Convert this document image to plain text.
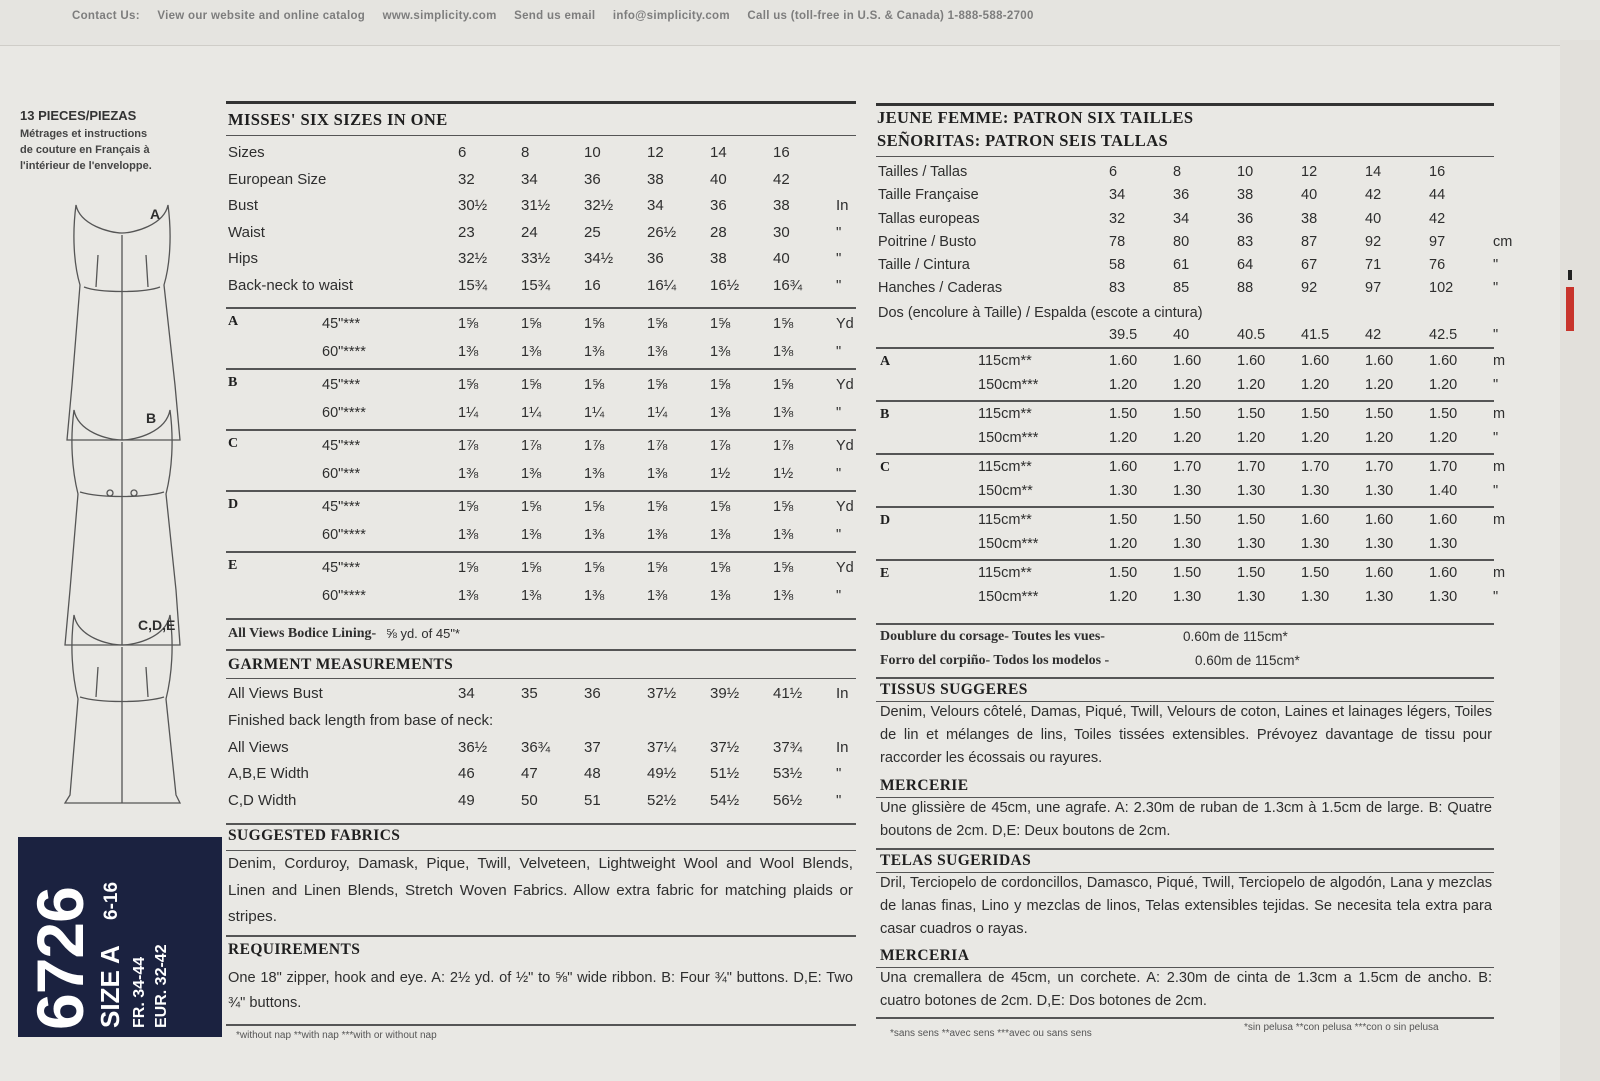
Contact Us: View our website and online catalog www.simplicity.com Send us email info@simplicity.com Call us (toll-free in U.S. & Canada) 1-888-588-2700
13 PIECES/PIEZAS
Métrages et instructions
de couture en Français à
l'intérieur de l'enveloppe.
A
B
C,D,E
6726
SIZE A
6-16
FR. 34-44 EUR. 32-42
MISSES' SIX SIZES IN ONE
Sizes	6	8	10	12	14	16
European Size	32	34	36	38	40	42
Bust	30½	31½	32½	34	36	38	In
Waist	23	24	25	26½	28	30	"
Hips	32½	33½	34½	36	38	40	"
Back-neck to waist	15¾	15¾	16	16¼	16½	16¾	"
A	45"***	1⅝	1⅝	1⅝	1⅝	1⅝	1⅝	Yd
60"****	1⅜	1⅜	1⅜	1⅜	1⅜	1⅜	"
B	45"***	1⅝	1⅝	1⅝	1⅝	1⅝	1⅝	Yd
60"****	1¼	1¼	1¼	1¼	1⅜	1⅜	"
C	45"***	1⅞	1⅞	1⅞	1⅞	1⅞	1⅞	Yd
60"***	1⅜	1⅜	1⅜	1⅜	1½	1½	"
D	45"***	1⅝	1⅝	1⅝	1⅝	1⅝	1⅝	Yd
60"****	1⅜	1⅜	1⅜	1⅜	1⅜	1⅜	"
E	45"***	1⅝	1⅝	1⅝	1⅝	1⅝	1⅝	Yd
60"****	1⅜	1⅜	1⅜	1⅜	1⅜	1⅜	"
All Views Bodice Lining- ⅝ yd. of 45"*
GARMENT MEASUREMENTS
All Views Bust	34	35	36	37½	39½	41½	In
Finished back length from base of neck:
All Views	36½	36¾	37	37¼	37½	37¾	In
A,B,E Width	46	47	48	49½	51½	53½	"
C,D Width	49	50	51	52½	54½	56½	"
SUGGESTED FABRICS
Denim, Corduroy, Damask, Pique, Twill, Velveteen, Lightweight Wool and Wool Blends, Linen and Linen Blends, Stretch Woven Fabrics. Allow extra fabric for matching plaids or stripes.
REQUIREMENTS
One 18" zipper, hook and eye. A: 2½ yd. of ½" to ⅝" wide ribbon. B: Four ¾" buttons. D,E: Two ¾" buttons.
*without nap **with nap ***with or without nap
JEUNE FEMME: PATRON SIX TAILLES
SEÑORITAS: PATRON SEIS TALLAS
Tailles / Tallas	6	8	10	12	14	16
Taille Française	34	36	38	40	42	44
Tallas europeas	32	34	36	38	40	42
Poitrine / Busto	78	80	83	87	92	97	cm
Taille / Cintura	58	61	64	67	71	76	"
Hanches / Caderas	83	85	88	92	97	102	"
Dos (encolure à Taille) / Espalda (escote a cintura)
39.5	40	40.5	41.5	42	42.5	"
A	115cm**	1.60	1.60	1.60	1.60	1.60	1.60	m
150cm***	1.20	1.20	1.20	1.20	1.20	1.20	"
B	115cm**	1.50	1.50	1.50	1.50	1.50	1.50	m
150cm***	1.20	1.20	1.20	1.20	1.20	1.20	"
C	115cm**	1.60	1.70	1.70	1.70	1.70	1.70	m
150cm**	1.30	1.30	1.30	1.30	1.30	1.40	"
D	115cm**	1.50	1.50	1.50	1.60	1.60	1.60	m
150cm***	1.20	1.30	1.30	1.30	1.30	1.30
E	115cm**	1.50	1.50	1.50	1.50	1.60	1.60	m
150cm***	1.20	1.30	1.30	1.30	1.30	1.30	"
Doublure du corsage- Toutes les vues-	0.60m de 115cm*
Forro del corpiño- Todos los modelos -	0.60m de 115cm*
TISSUS SUGGERES
Denim, Velours côtelé, Damas, Piqué, Twill, Velours de coton, Laines et lainages légers, Toiles de lin et mélanges de lins, Toiles tissées extensibles. Prévoyez davantage de tissu pour raccorder les écossais ou rayures.
MERCERIE
Une glissière de 45cm, une agrafe. A: 2.30m de ruban de 1.3cm à 1.5cm de large. B: Quatre boutons de 2cm. D,E: Deux boutons de 2cm.
TELAS SUGERIDAS
Dril, Terciopelo de cordoncillos, Damasco, Piqué, Twill, Terciopelo de algodón, Lana y mezclas de lanas finas, Lino y mezclas de linos, Telas extensibles tejidas. Se necesita tela extra para casar cuadros o rayas.
MERCERIA
Una cremallera de 45cm, un corchete. A: 2.30m de cinta de 1.3cm a 1.5cm de ancho. B: cuatro botones de 2cm. D,E: Dos botones de 2cm.
*sans sens **avec sens ***avec ou sans sens
*sin pelusa **con pelusa ***con o sin pelusa
